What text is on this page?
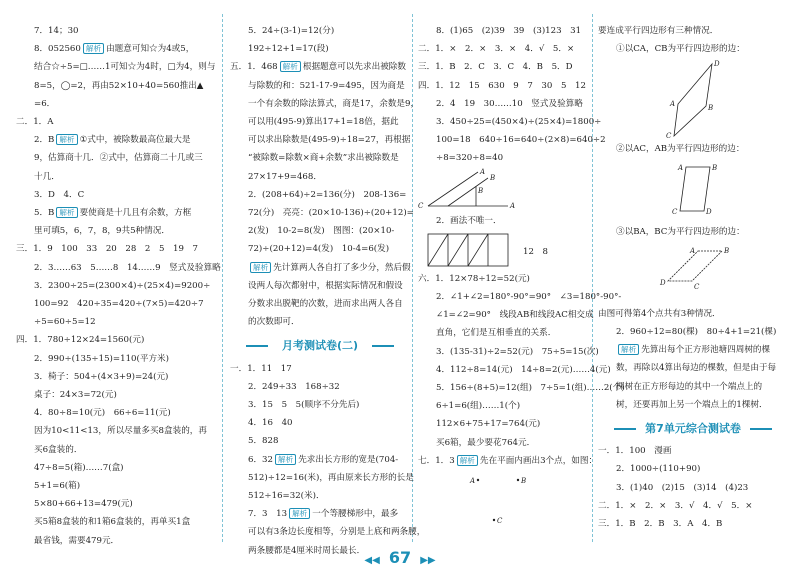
7．14；30
8．052560 解析 由题意可知☆为4或5，
结合☆÷5=□……1可知☆为4时，□为4，则与
8=5，◯=2，再由52×10+40=560推出▲
=6．
二．1．A
2．B 解析 ①式中，被除数最高位最大是
9，估算商十几．②式中，估算商二十几或三
十几．
3．D　4．C
5．B 解析 要使商是十几且有余数，方框
里可填5，6，7，8，9共5种情况．
三．1．9　100　33　20　28　2　5　19　7
2．3……63　5……8　14……9　竖式及验算略
3．2300÷25=(2300×4)÷(25×4)=9200÷
100=92　420÷35=420÷(7×5)=420÷7
÷5=60÷5=12
四．1．780÷12×24=1560(元)
2．990÷(135÷15)=110(平方米)
3．椅子：504÷(4×3+9)=24(元)
桌子：24×3=72(元)
4．80÷8=10(元)　66÷6=11(元)
因为10<11<13，所以尽量多买8盒装的，再
买6盒装的．
47÷8=5(箱)……7(盒)
5+1=6(箱)
5×80+66+13=479(元)
买5箱8盒装的和1箱6盒装的，再单买1盒
最省钱，需要479元．
5．24÷(3-1)=12(分)
192÷12+1=17(段)
五．1．468 解析 根据题意可以先求出被除数
与除数的和：521-17-9=495，因为商是
一个有余数的除法算式，商是17，余数是9，
可以用(495-9)算出17+1=18倍，据此
可以求出除数是(495-9)÷18=27，再根据
“被除数=除数×商+余数”求出被除数是
27×17+9=468．
2．(208+64)÷2=136(分)　208-136=
72(分)　亮亮：(20×10-136)÷(20+12)=
2(发)　10-2=8(发)　图图：(20×10-
72)÷(20+12)=4(发)　10-4=6(发)
解析 先计算两人各自打了多少分，然后假
设两人每次都射中，根据实际情况和假设
分数求出脱靶的次数，进而求出两人各自
的次数即可．
月考测试卷(二)
一．1．11　17
2．249÷33　168÷32
3．15　5　5(顺序不分先后)
4．16　40
5．828
6．32 解析 先求出长方形的宽是(704-
512)÷12=16(米)，再由原来长方形的长是
512÷16=32(米)．
7．3　13 解析 一个等腰梯形中，最多
可以有3条边长度相等，分别是上底和两条腰，
两条腰都是4厘米时周长最长．
8．(1)65　(2)39　39　(3)123　31
二．1．×　2．×　3．×　4．√　5．×
三．1．B　2．C　3．C　4．B　5．D
四．1．12　15　630　9　7　30　5　12
2．4　19　30……10　竖式及验算略
3．450÷25=(450×4)÷(25×4)=1800÷
100=18　640÷16=640÷(2×8)=640÷2
÷8=320÷8=40
A
B
C
B
A
2．画法不唯一．
12　8
六．1．12×78÷12=52(元)
2．∠1+∠2=180°-90°=90°　∠3=180°-90°-
∠1=∠2=90°　线段AB和线段AC相交成
直角，它们是互相垂直的关系．
3．(135-31)÷2=52(元)　75÷5=15(次)
4．112÷8=14(元)　14÷8=2(元)……4(元)
5．156÷(8+5)=12(组)　7÷5=1(组)……2(个)
6÷1=6(组)……1(个)
112×6+75+17=764(元)
买6箱，最少要花764元．
七．1．3 解析 先在平面内画出3个点，如图：
A	B
C
要连成平行四边形有三种情况．
①以CA，CB为平行四边形的边：
D
A	B
C
②以AC，AB为平行四边形的边：
A	B
C	D
③以BA，BC为平行四边形的边：
A	B
C
D
由图可得第4个点共有3种情况．
2．960÷12=80(棵)　80÷4+1=21(棵)
解析 先算出每个正方形池塘四周树的棵
数，再除以4算出每边的棵数，但是由于每
棵树在正方形每边的其中一个端点上的
树，还要再加上另一个端点上的1棵树．
第7单元综合测试卷
一．1．100　漫画
2．1000÷(110+90)
3．(1)40　(2)15　(3)14　(4)23
二．1．×　2．×　3．√　4．√　5．×
三．1．B　2．B　3．A　4．B
◀◀ 67 ▶▶
